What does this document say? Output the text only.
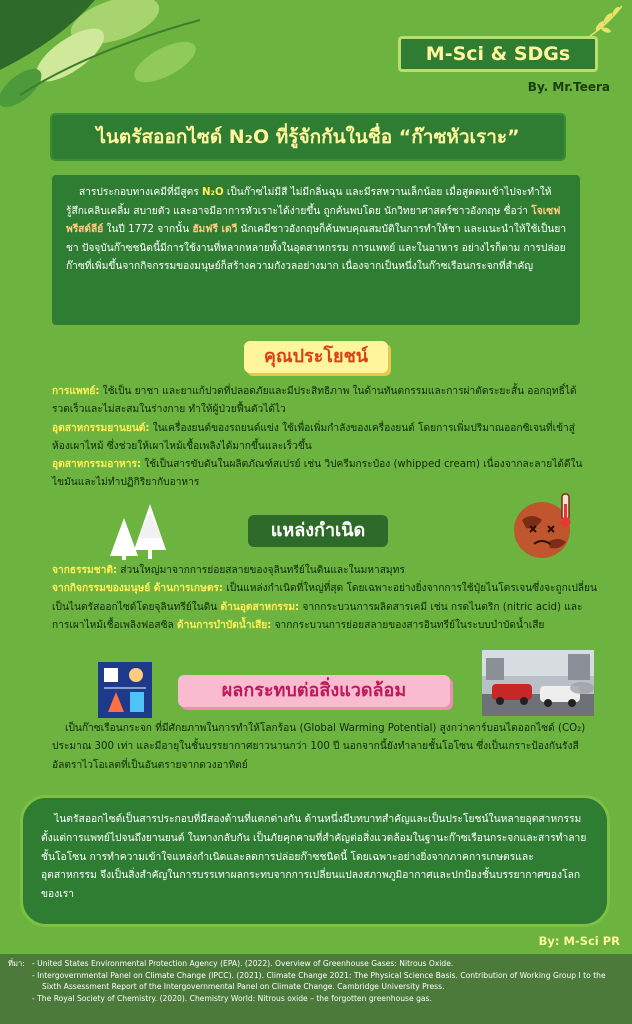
M-Sci & SDGs
By. Mr.Teera
ไนตรัสออกไซด์ N₂O ที่รู้จักกันในชื่อ “ก๊าซหัวเราะ”
สารประกอบทางเคมีที่มีสูตร N₂O เป็นก๊าซไม่มีสี ไม่มีกลิ่นฉุน และมีรสหวานเล็กน้อย เมื่อสูดดมเข้าไปจะทำให้รู้สึกเคลิบเคลิ้ม สบายตัว และอาจมีอาการหัวเราะได้ง่ายขึ้น ถูกค้นพบโดย นักวิทยาศาสตร์ชาวอังกฤษ ชื่อว่า โจเซฟ พรีสต์ลีย์ ในปี 1772 จากนั้น ฮัมฟรี เดวี นักเคมีชาวอังกฤษก็ค้นพบคุณสมบัติในการทำให้ชา และแนะนำให้ใช้เป็นยาชา ปัจจุบันก๊าซชนิดนี้มีการใช้งานที่หลากหลายทั้งในอุตสาหกรรม การแพทย์ และในอาหาร อย่างไรก็ตาม การปล่อยก๊าซที่เพิ่มขึ้นจากกิจกรรมของมนุษย์ก็สร้างความกังวลอย่างมาก เนื่องจากเป็นหนึ่งในก๊าซเรือนกระจกที่สำคัญ
คุณประโยชน์
การแพทย์: ใช้เป็น ยาชา และยาแก้ปวดที่ปลอดภัยและมีประสิทธิภาพ ในด้านทันตกรรมและการผ่าตัดระยะสั้น ออกฤทธิ์ได้รวดเร็วและไม่สะสมในร่างกาย ทำให้ผู้ป่วยฟื้นตัวได้ไว
อุตสาหกรรมยานยนต์: ในเครื่องยนต์ของรถยนต์แข่ง ใช้เพื่อเพิ่มกำลังของเครื่องยนต์ โดยการเพิ่มปริมาณออกซิเจนที่เข้าสู่ห้องเผาไหม้ ซึ่งช่วยให้เผาไหม้เชื้อเพลิงได้มากขึ้นและเร็วขึ้น
อุตสาหกรรมอาหาร: ใช้เป็นสารขับดันในผลิตภัณฑ์สเปรย์ เช่น วิปครีมกระป๋อง (whipped cream) เนื่องจากละลายได้ดีในไขมันและไม่ทำปฏิกิริยากับอาหาร
แหล่งกำเนิด
จากธรรมชาติ: ส่วนใหญ่มาจากการย่อยสลายของจุลินทรีย์ในดินและในมหาสมุทร
จากกิจกรรมของมนุษย์ ด้านการเกษตร: เป็นแหล่งกำเนิดที่ใหญ่ที่สุด โดยเฉพาะอย่างยิ่งจากการใช้ปุ๋ยไนโตรเจนซึ่งจะถูกเปลี่ยนเป็นไนตรัสออกไซด์โดยจุลินทรีย์ในดิน ด้านอุตสาหกรรม: จากกระบวนการผลิตสารเคมี เช่น กรดไนตริก (nitric acid) และการเผาไหม้เชื้อเพลิงฟอสซิล ด้านการบำบัดน้ำเสีย: จากกระบวนการย่อยสลายของสารอินทรีย์ในระบบบำบัดน้ำเสีย
ผลกระทบต่อสิ่งแวดล้อม
เป็นก๊าซเรือนกระจก ที่มีศักยภาพในการทำให้โลกร้อน (Global Warming Potential) สูงกว่าคาร์บอนไดออกไซด์ (CO₂) ประมาณ 300 เท่า และมีอายุในชั้นบรรยากาศยาวนานกว่า 100 ปี นอกจากนี้ยังทำลายชั้นโอโซน ซึ่งเป็นเกราะป้องกันรังสีอัลตราไวโอเลตที่เป็นอันตรายจากดวงอาทิตย์
ไนตรัสออกไซด์เป็นสารประกอบที่มีสองด้านที่แตกต่างกัน ด้านหนึ่งมีบทบาทสำคัญและเป็นประโยชน์ในหลายอุตสาหกรรม ตั้งแต่การแพทย์ไปจนถึงยานยนต์ ในทางกลับกัน เป็นภัยคุกคามที่สำคัญต่อสิ่งแวดล้อมในฐานะก๊าซเรือนกระจกและสารทำลายชั้นโอโซน การทำความเข้าใจแหล่งกำเนิดและลดการปล่อยก๊าซชนิดนี้ โดยเฉพาะอย่างยิ่งจากภาคการเกษตรและอุตสาหกรรม จึงเป็นสิ่งสำคัญในการบรรเทาผลกระทบจากการเปลี่ยนแปลงสภาพภูมิอากาศและปกป้องชั้นบรรยากาศของโลกของเรา
By: M-Sci PR
ที่มา: - United States Environmental Protection Agency (EPA). (2022). Overview of Greenhouse Gases: Nitrous Oxide.
- Intergovernmental Panel on Climate Change (IPCC). (2021). Climate Change 2021: The Physical Science Basis. Contribution of Working Group I to the Sixth Assessment Report of the Intergovernmental Panel on Climate Change. Cambridge University Press.
- The Royal Society of Chemistry. (2020). Chemistry World: Nitrous oxide – the forgotten greenhouse gas.
